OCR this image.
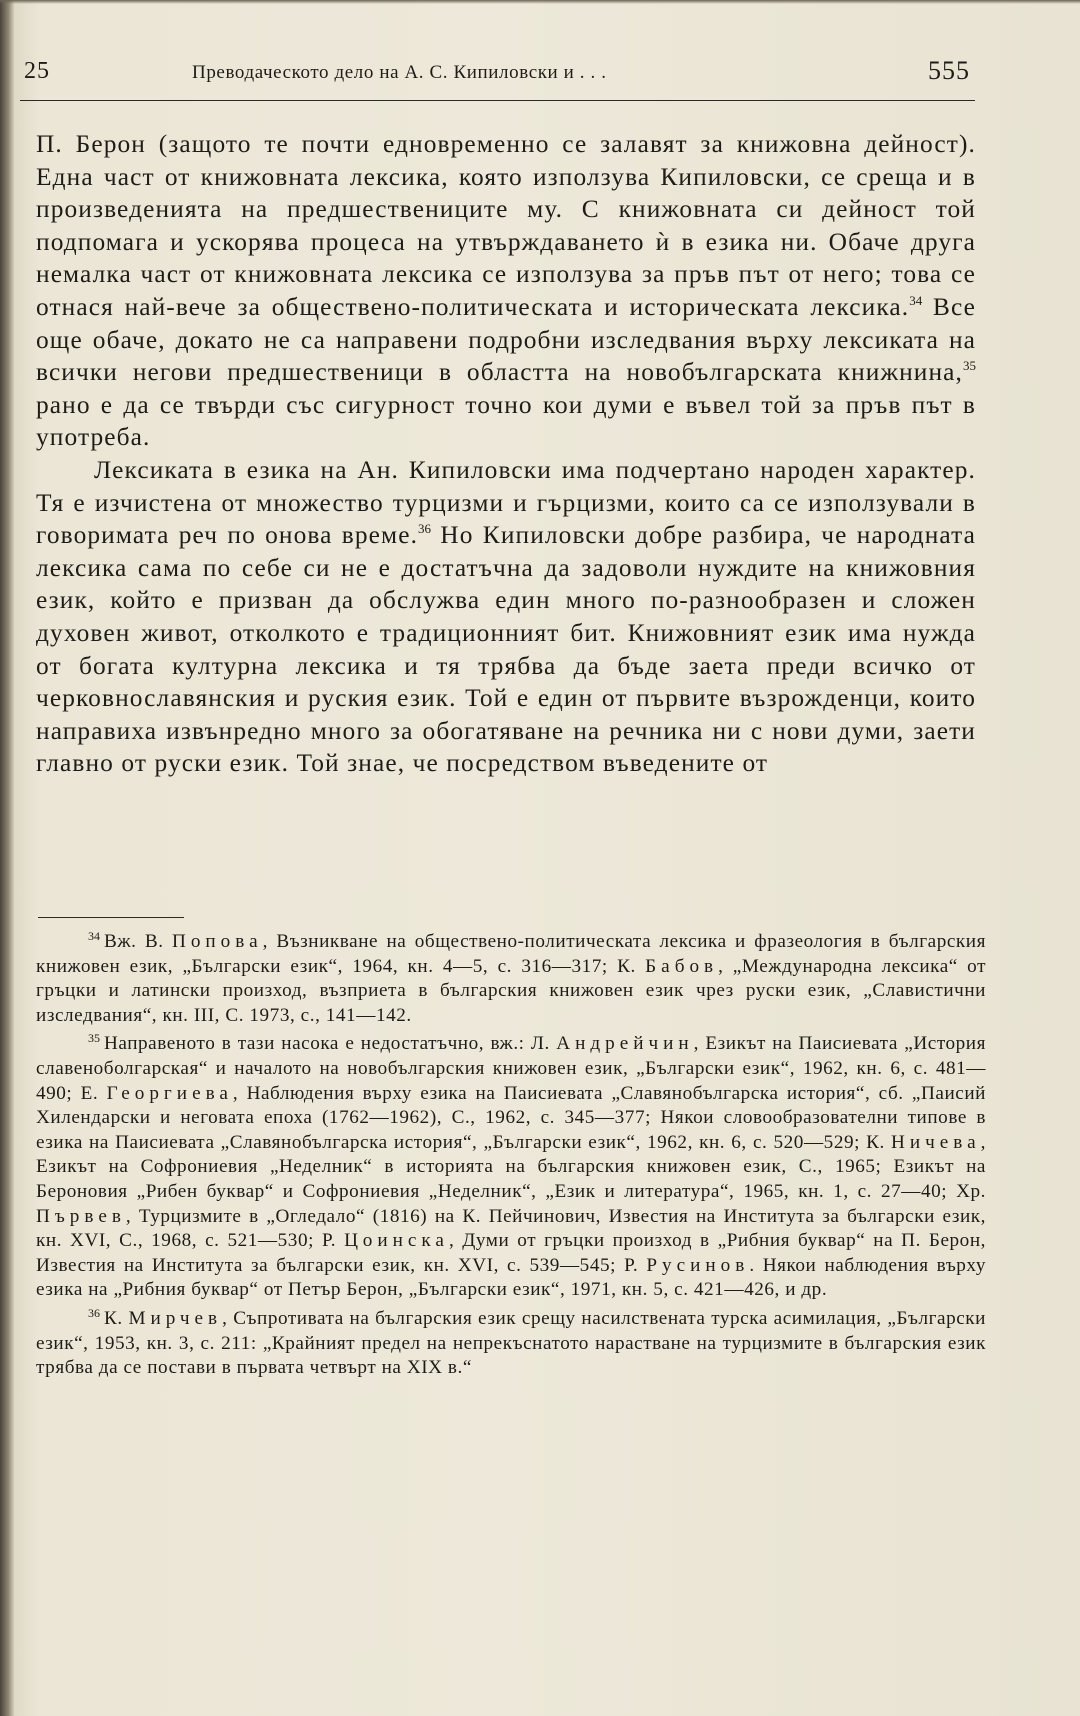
25	Преводаческото дело на А. С. Кипиловски и . . .	555

П. Берон (защото те почти едновременно се залавят за книжовна дейност). Една част от книжовната лексика, която използува Кипиловски, се среща и в произведенията на предшествениците му. С книжовната си дейност той подпомага и ускорява процеса на утвърждаването ѝ в езика ни. Обаче друга немалка част от книжовната лексика се използува за пръв път от него; това се отнася най-вече за обществено-политическата и историческата лексика.$^{34}$ Все още обаче, докато не са направени подробни изследвания върху лексиката на всички негови предшественици в областта на новобългарската книжнина,$^{35}$ рано е да се твърди със сигурност точно кои думи е въвел той за пръв път в употреба.

Лексиката в езика на Ан. Кипиловски има подчертано народен характер. Тя е изчистена от множество турцизми и гърцизми, които са се използували в говоримата реч по онова време.$^{36}$ Но Кипиловски добре разбира, че народната лексика сама по себе си не е достатъчна да задоволи нуждите на книжовния език, който е призван да обслужва един много по-разнообразен и сложен духовен живот, отколкото е традиционният бит. Книжовният език има нужда от богата културна лексика и тя трябва да бъде заета преди всичко от черковнославянския и руския език. Той е един от първите възрожденци, които направиха извънредно много за обогатяване на речника ни с нови думи, заети главно от руски език. Той знае, че посредством въведените от

$^{34}$ Вж. В. Попова, Възникване на обществено-политическата лексика и фразеология в българския книжовен език, „Български език“, 1964, кн. 4—5, с. 316—317; К. Бабов, „Международна лексика“ от гръцки и латински произход, възприета в българския книжовен език чрез руски език, „Славистични изследвания“, кн. III, С. 1973, с., 141—142.

$^{35}$ Направеното в тази насока е недостатъчно, вж.: Л. Андрейчин, Езикът на Паисиевата „История славеноболгарская“ и началото на новобългарския книжовен език, „Български език“, 1962, кн. 6, с. 481—490; Е. Георгиева, Наблюдения върху езика на Паисиевата „Славянобългарска история“, сб. „Паисий Хилендарски и неговата епоха (1762—1962), С., 1962, с. 345—377; Някои словообразователни типове в езика на Паисиевата „Славянобългарска история“, „Български език“, 1962, кн. 6, с. 520—529; К. Ничева, Езикът на Софрониевия „Неделник“ в историята на българския книжовен език, С., 1965; Езикът на Бероновия „Рибен буквар“ и Софрониевия „Неделник“, „Език и литература“, 1965, кн. 1, с. 27—40; Хр. Първев, Турцизмите в „Огледало“ (1816) на К. Пейчинович, Известия на Института за български език, кн. XVI, С., 1968, с. 521—530; Р. Цоинска, Думи от гръцки произход в „Рибния буквар“ на П. Берон, Известия на Института за български език, кн. XVI, с. 539—545; Р. Русинов. Някои наблюдения върху езика на „Рибния буквар“ от Петър Берон, „Български език“, 1971, кн. 5, с. 421—426, и др.

$^{36}$ К. Мирчев, Съпротивата на българския език срещу насилствената турска асимилация, „Български език“, 1953, кн. 3, с. 211: „Крайният предел на непрекъснатото нарастване на турцизмите в българския език трябва да се постави в първата четвърт на XIX в.“
